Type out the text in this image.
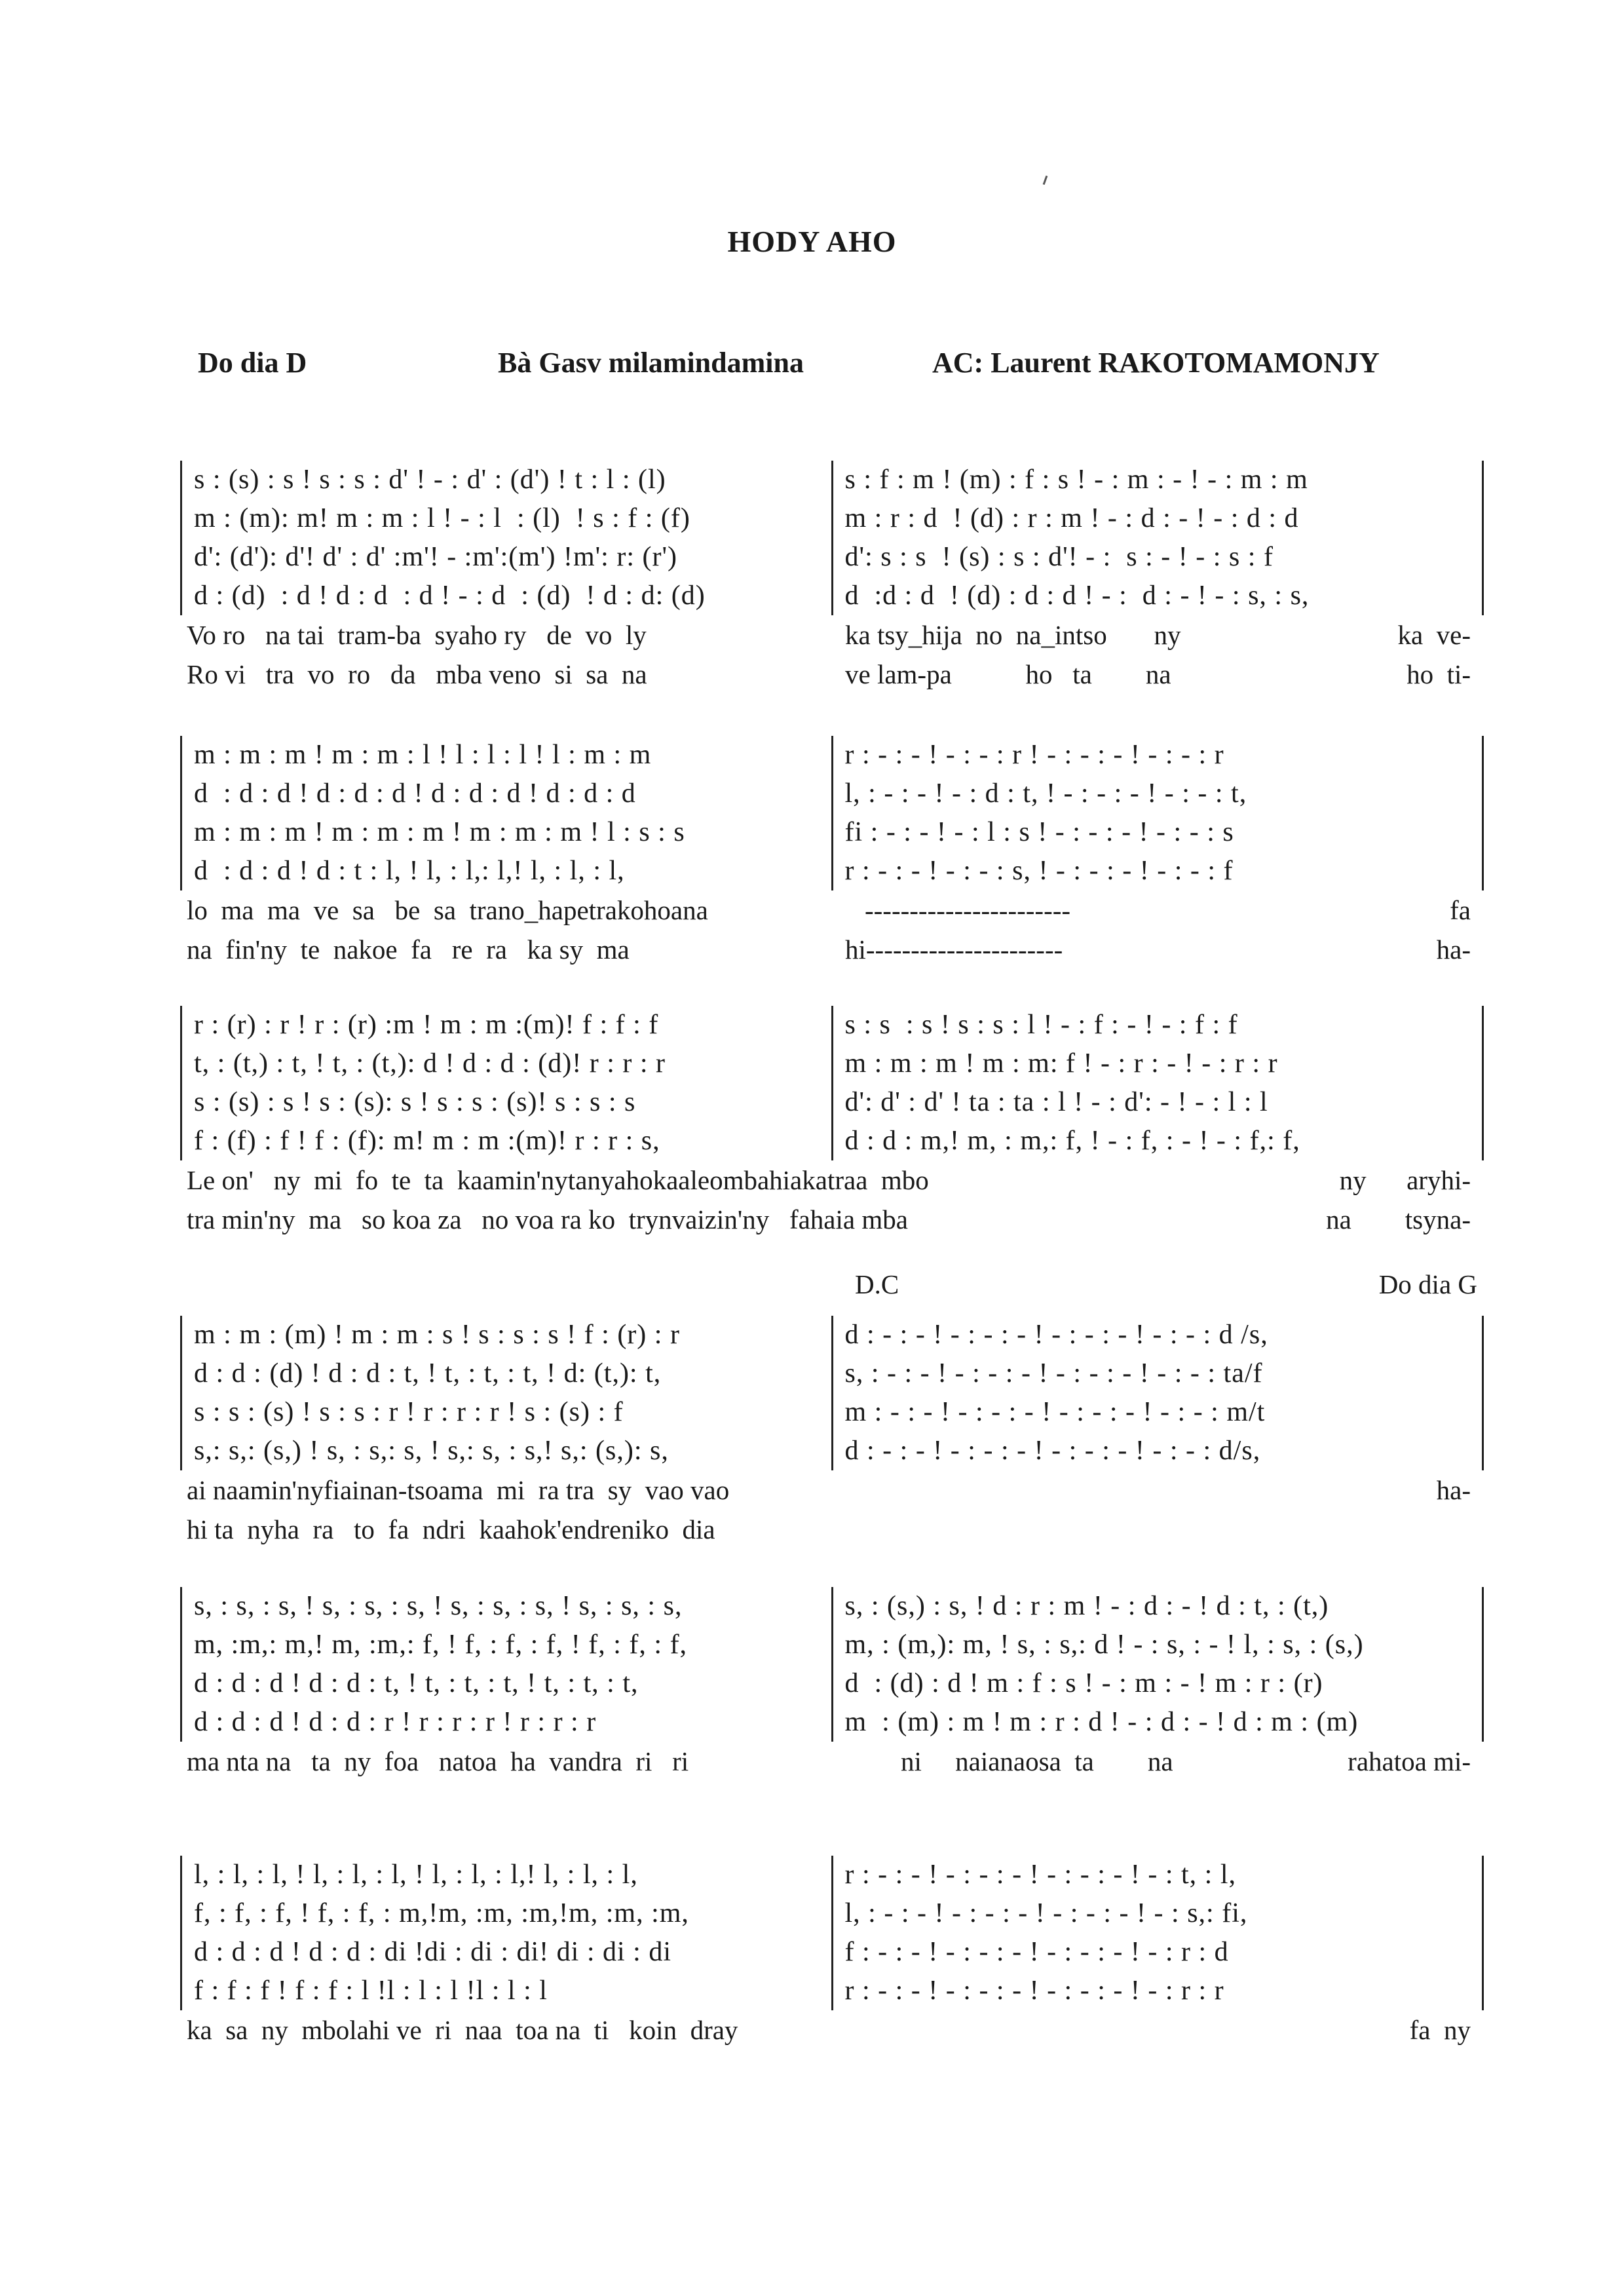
HODY AHO
Do dia D	Bà Gasv milamindamina	AC: Laurent RAKOTOMAMONJY
s : (s) : s ! s : s : d' ! - : d' : (d') ! t : l : (l)
m : (m): m! m : m : l ! - : l  : (l)  ! s : f : (f)
d': (d'): d'! d' : d' :m'! - :m':(m') !m': r: (r')
d : (d)  : d ! d : d  : d ! - : d  : (d)  ! d : d: (d)
s : f : m ! (m) : f : s ! - : m : - ! - : m : m
m : r : d  ! (d) : r : m ! - : d : - ! - : d : d
d': s : s  ! (s) : s : d'! - :  s : - ! - : s : f
d  :d : d  ! (d) : d : d ! - :  d : - ! - : s, : s,
Vo ro   na tai  tram-ba  syaho ry   de  vo  ly	ka tsy_hija  no  na_intso       ny	ka  ve-
Ro vi   tra  vo  ro   da   mba veno  si  sa  na	ve lam-pa           ho   ta        na	ho  ti-
m : m : m ! m : m : l ! l : l : l ! l : m : m
d  : d : d ! d : d : d ! d : d : d ! d : d : d
m : m : m ! m : m : m ! m : m : m ! l : s : s
d  : d : d ! d : t : l, ! l, : l,: l,! l, : l, : l,
r : - : - ! - : - : r ! - : - : - ! - : - : r
l, : - : - ! - : d : t, ! - : - : - ! - : - : t,
fi : - : - ! - : l : s ! - : - : - ! - : - : s
r : - : - ! - : - : s, ! - : - : - ! - : - : f
lo  ma  ma  ve  sa   be  sa  trano_hapetrakohoana	-----------------------	fa
na  fin'ny  te  nakoe  fa   re  ra   ka sy  ma	hi----------------------	ha-
r : (r) : r ! r : (r) :m ! m : m :(m)! f : f : f
t, : (t,) : t, ! t, : (t,): d ! d : d : (d)! r : r : r
s : (s) : s ! s : (s): s ! s : s : (s)! s : s : s
f : (f) : f ! f : (f): m! m : m :(m)! r : r : s,
s : s  : s ! s : s : l ! - : f : - ! - : f : f
m : m : m ! m : m: f ! - : r : - ! - : r : r
d': d' : d' ! ta : ta : l ! - : d': - ! - : l : l
d : d : m,! m, : m,: f, ! - : f, : - ! - : f,: f,
Le on'   ny  mi  fo  te  ta  kaamin'nytanyahokaaleombahiakatraa  mbo	ny      aryhi-
tra min'ny  ma   so koa za   no voa ra ko  trynvaizin'ny   fahaia mba	na        tsyna-
D.C	Do dia G
m : m : (m) ! m : m : s ! s : s : s ! f : (r) : r
d : d : (d) ! d : d : t, ! t, : t, : t, ! d: (t,): t,
s : s : (s) ! s : s : r ! r : r : r ! s : (s) : f
s,: s,: (s,) ! s, : s,: s, ! s,: s, : s,! s,: (s,): s,
d : - : - ! - : - : - ! - : - : - ! - : - : d /s,
s, : - : - ! - : - : - ! - : - : - ! - : - : ta/f
m : - : - ! - : - : - ! - : - : - ! - : - : m/t
d : - : - ! - : - : - ! - : - : - ! - : - : d/s,
ai naamin'nyfiainan-tsoama  mi  ra tra  sy  vao vao	ha-
hi ta  nyha  ra   to  fa  ndri  kaahok'endreniko  dia
s, : s, : s, ! s, : s, : s, ! s, : s, : s, ! s, : s, : s,
m, :m,: m,! m, :m,: f, ! f, : f, : f, ! f, : f, : f,
d : d : d ! d : d : t, ! t, : t, : t, ! t, : t, : t,
d : d : d ! d : d : r ! r : r : r ! r : r : r
s, : (s,) : s, ! d : r : m ! - : d : - ! d : t, : (t,)
m, : (m,): m, ! s, : s,: d ! - : s, : - ! l, : s, : (s,)
d  : (d) : d ! m : f : s ! - : m : - ! m : r : (r)
m  : (m) : m ! m : r : d ! - : d : - ! d : m : (m)
ma nta na   ta  ny  foa   natoa  ha  vandra  ri   ri	ni     naianaosa  ta        na	rahatoa mi-
l, : l, : l, ! l, : l, : l, ! l, : l, : l,! l, : l, : l,
f, : f, : f, ! f, : f, : m,!m, :m, :m,!m, :m, :m,
d : d : d ! d : d : di !di : di : di! di : di : di
f : f : f ! f : f : l !l : l : l !l : l : l
r : - : - ! - : - : - ! - : - : - ! - : t, : l,
l, : - : - ! - : - : - ! - : - : - ! - : s,: fi,
f : - : - ! - : - : - ! - : - : - ! - : r : d
r : - : - ! - : - : - ! - : - : - ! - : r : r
ka  sa  ny  mbolahi ve  ri  naa  toa na  ti   koin  dray	fa  ny
